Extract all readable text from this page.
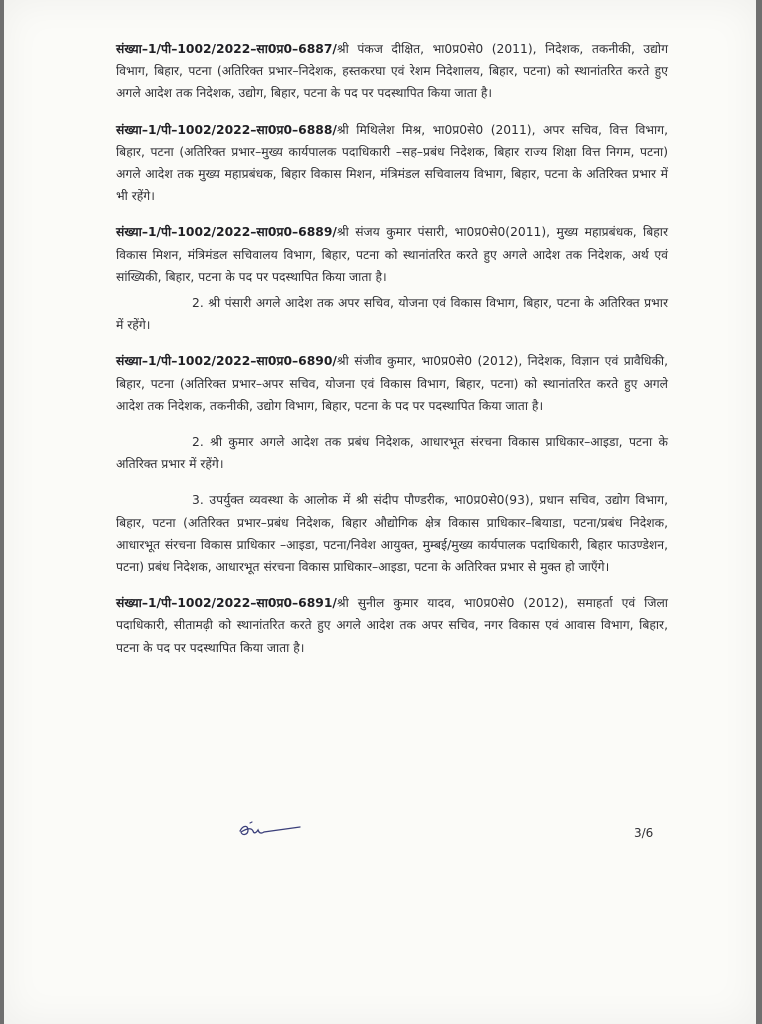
संख्या–1/पी–1002/2022–सा0प्र0–6887/श्री पंकज दीक्षित, भा0प्र0से0 (2011), निदेशक, तकनीकी, उद्योग विभाग, बिहार, पटना (अतिरिक्त प्रभार–निदेशक, हस्तकरघा एवं रेशम निदेशालय, बिहार, पटना) को स्थानांतरित करते हुए अगले आदेश तक निदेशक, उद्योग, बिहार, पटना के पद पर पदस्थापित किया जाता है।

संख्या–1/पी–1002/2022–सा0प्र0–6888/श्री मिथिलेश मिश्र, भा0प्र0से0 (2011), अपर सचिव, वित्त विभाग, बिहार, पटना (अतिरिक्त प्रभार–मुख्य कार्यपालक पदाधिकारी –सह–प्रबंध निदेशक, बिहार राज्य शिक्षा वित्त निगम, पटना) अगले आदेश तक मुख्य महाप्रबंधक, बिहार विकास मिशन, मंत्रिमंडल सचिवालय विभाग, बिहार, पटना के अतिरिक्त प्रभार में भी रहेंगे।

संख्या–1/पी–1002/2022–सा0प्र0–6889/श्री संजय कुमार पंसारी, भा0प्र0से0(2011), मुख्य महाप्रबंधक, बिहार विकास मिशन, मंत्रिमंडल सचिवालय विभाग, बिहार, पटना को स्थानांतरित करते हुए अगले आदेश तक निदेशक, अर्थ एवं सांख्यिकी, बिहार, पटना के पद पर पदस्थापित किया जाता है।

2. श्री पंसारी अगले आदेश तक अपर सचिव, योजना एवं विकास विभाग, बिहार, पटना के अतिरिक्त प्रभार में रहेंगे।

संख्या–1/पी–1002/2022–सा0प्र0–6890/श्री संजीव कुमार, भा0प्र0से0 (2012), निदेशक, विज्ञान एवं प्रावैधिकी, बिहार, पटना (अतिरिक्त प्रभार–अपर सचिव, योजना एवं विकास विभाग, बिहार, पटना) को स्थानांतरित करते हुए अगले आदेश तक निदेशक, तकनीकी, उद्योग विभाग, बिहार, पटना के पद पर पदस्थापित किया जाता है।

2. श्री कुमार अगले आदेश तक प्रबंध निदेशक, आधारभूत संरचना विकास प्राधिकार–आइडा, पटना के अतिरिक्त प्रभार में रहेंगे।

3. उपर्युक्त व्यवस्था के आलोक में श्री संदीप पौण्डरीक, भा0प्र0से0(93), प्रधान सचिव, उद्योग विभाग, बिहार, पटना (अतिरिक्त प्रभार–प्रबंध निदेशक, बिहार औद्योगिक क्षेत्र विकास प्राधिकार–बियाडा, पटना/प्रबंध निदेशक, आधारभूत संरचना विकास प्राधिकार –आइडा, पटना/निवेश आयुक्त, मुम्बई/मुख्य कार्यपालक पदाधिकारी, बिहार फाउण्डेशन, पटना) प्रबंध निदेशक, आधारभूत संरचना विकास प्राधिकार–आइडा, पटना के अतिरिक्त प्रभार से मुक्त हो जाएँगे।

संख्या–1/पी–1002/2022–सा0प्र0–6891/श्री सुनील कुमार यादव, भा0प्र0से0 (2012), समाहर्ता एवं जिला पदाधिकारी, सीतामढ़ी को स्थानांतरित करते हुए अगले आदेश तक अपर सचिव, नगर विकास एवं आवास विभाग, बिहार, पटना के पद पर पदस्थापित किया जाता है।

3/6
